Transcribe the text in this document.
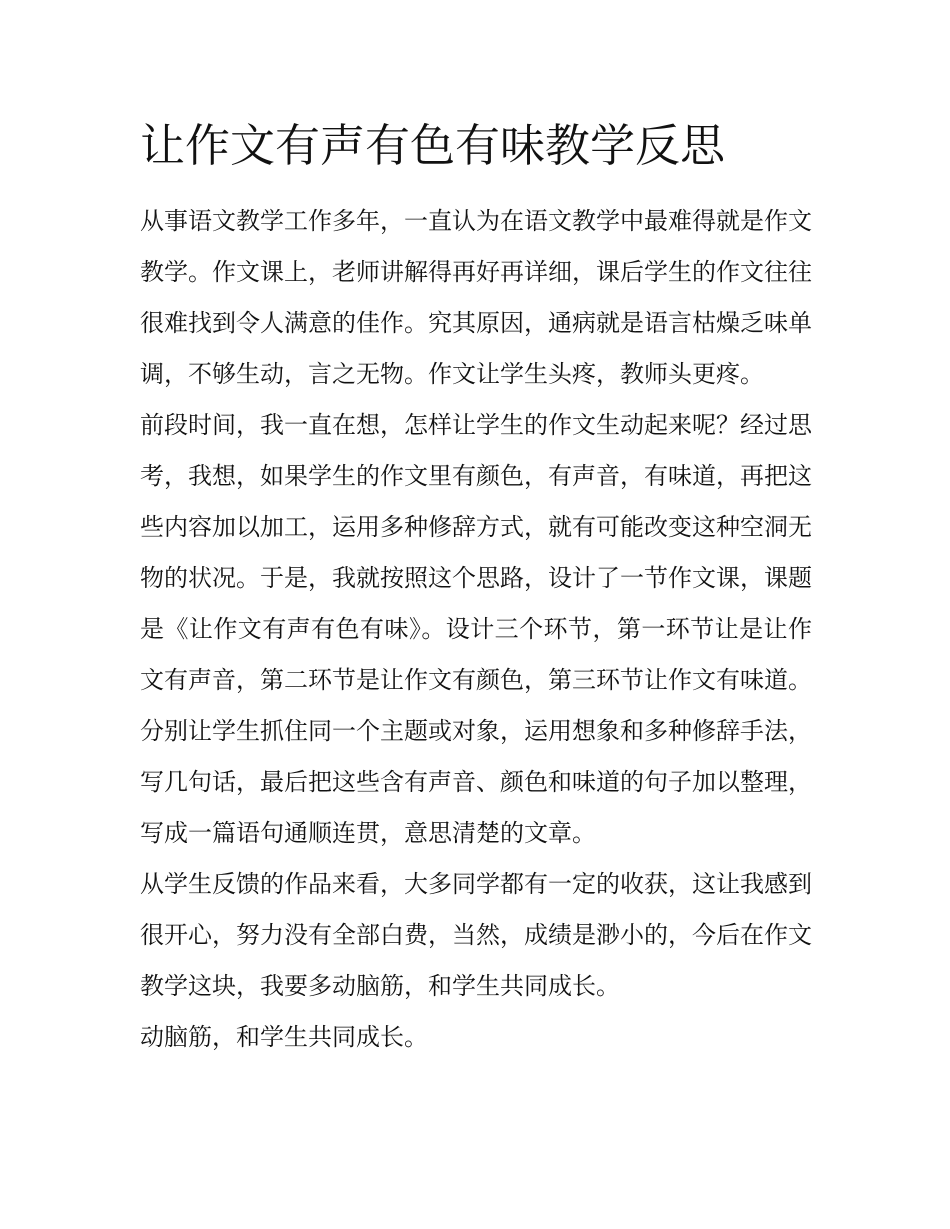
让作文有声有色有味教学反思

从事语文教学工作多年，一直认为在语文教学中最难得就是作文教学。作文课上，老师讲解得再好再详细，课后学生的作文往往很难找到令人满意的佳作。究其原因，通病就是语言枯燥乏味单调，不够生动，言之无物。作文让学生头疼，教师头更疼。

前段时间，我一直在想，怎样让学生的作文生动起来呢？经过思考，我想，如果学生的作文里有颜色，有声音，有味道，再把这些内容加以加工，运用多种修辞方式，就有可能改变这种空洞无物的状况。于是，我就按照这个思路，设计了一节作文课，课题是《让作文有声有色有味》。设计三个环节，第一环节让是让作文有声音，第二环节是让作文有颜色，第三环节让作文有味道。分别让学生抓住同一个主题或对象，运用想象和多种修辞手法，写几句话，最后把这些含有声音、颜色和味道的句子加以整理，写成一篇语句通顺连贯，意思清楚的文章。

从学生反馈的作品来看，大多同学都有一定的收获，这让我感到很开心，努力没有全部白费，当然，成绩是渺小的，今后在作文教学这块，我要多动脑筋，和学生共同成长。

动脑筋，和学生共同成长。
